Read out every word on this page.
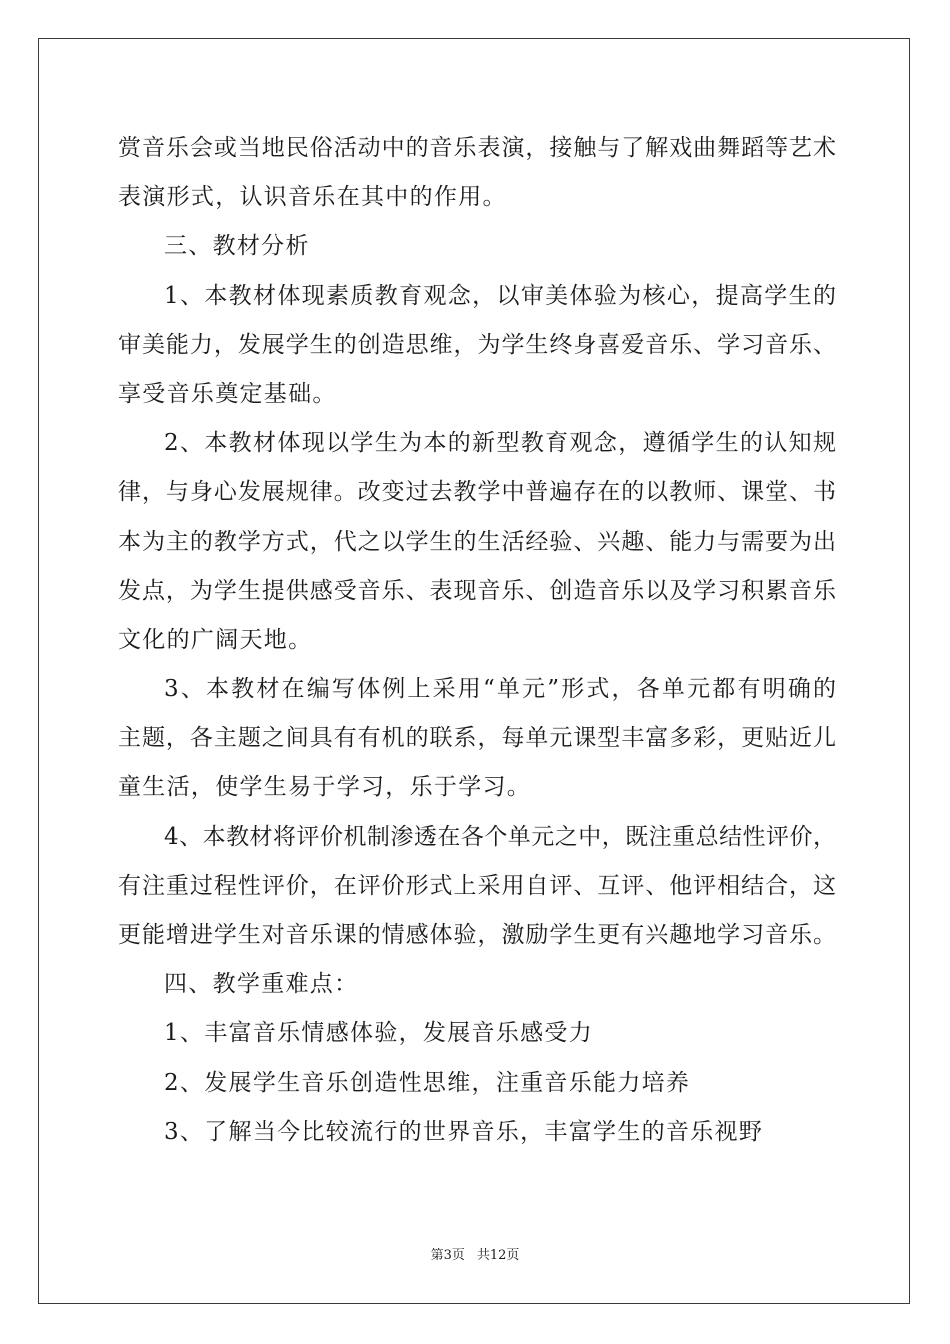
赏音乐会或当地民俗活动中的音乐表演，接触与了解戏曲舞蹈等艺术
表演形式，认识音乐在其中的作用。
三、教材分析
1、本教材体现素质教育观念，以审美体验为核心，提高学生的
审美能力，发展学生的创造思维，为学生终身喜爱音乐、学习音乐、
享受音乐奠定基础。
2、本教材体现以学生为本的新型教育观念，遵循学生的认知规
律，与身心发展规律。改变过去教学中普遍存在的以教师、课堂、书
本为主的教学方式，代之以学生的生活经验、兴趣、能力与需要为出
发点，为学生提供感受音乐、表现音乐、创造音乐以及学习积累音乐
文化的广阔天地。
3、本教材在编写体例上采用“单元”形式，各单元都有明确的
主题，各主题之间具有有机的联系，每单元课型丰富多彩，更贴近儿
童生活，使学生易于学习，乐于学习。
4、本教材将评价机制渗透在各个单元之中，既注重总结性评价，
有注重过程性评价，在评价形式上采用自评、互评、他评相结合，这
更能增进学生对音乐课的情感体验，激励学生更有兴趣地学习音乐。
四、教学重难点：
1、丰富音乐情感体验，发展音乐感受力
2、发展学生音乐创造性思维，注重音乐能力培养
3、了解当今比较流行的世界音乐，丰富学生的音乐视野
第3页 共12页
